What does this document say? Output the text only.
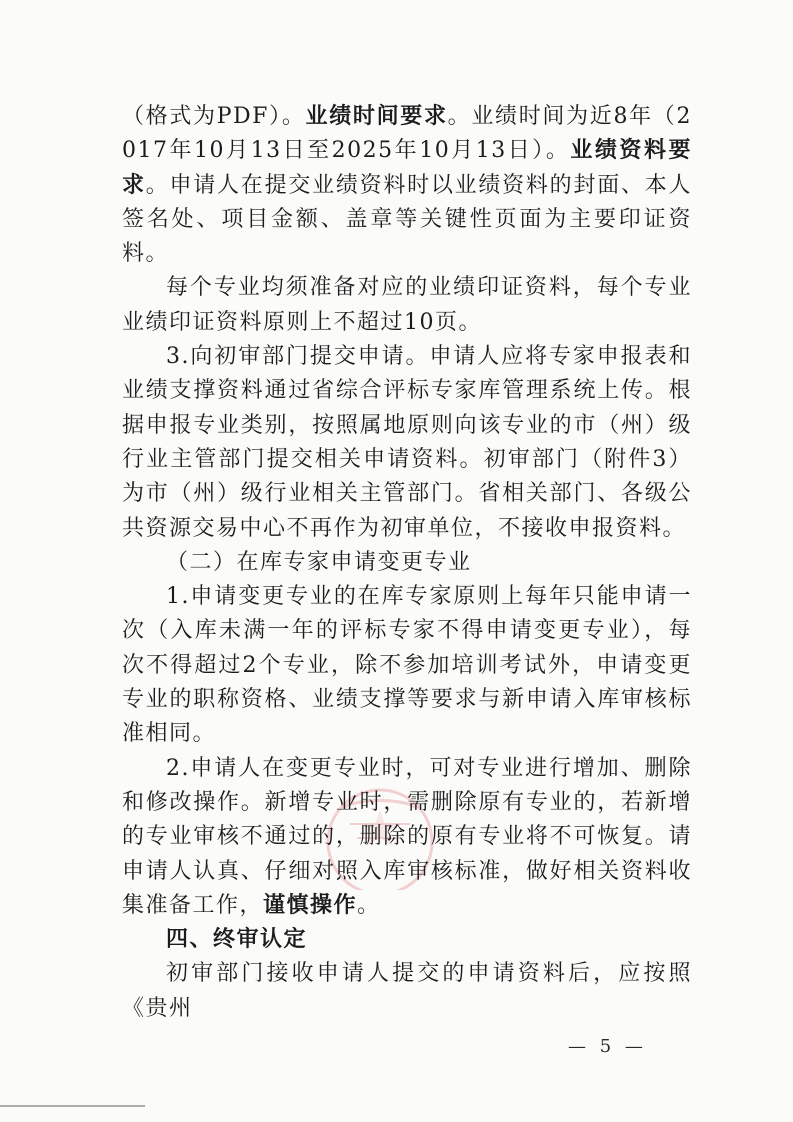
（格式为PDF）。业绩时间要求。业绩时间为近8年（2017年10月13日至2025年10月13日）。业绩资料要求。申请人在提交业绩资料时以业绩资料的封面、本人签名处、项目金额、盖章等关键性页面为主要印证资料。

每个专业均须准备对应的业绩印证资料，每个专业业绩印证资料原则上不超过10页。

3.向初审部门提交申请。申请人应将专家申报表和业绩支撑资料通过省综合评标专家库管理系统上传。根据申报专业类别，按照属地原则向该专业的市（州）级行业主管部门提交相关申请资料。初审部门（附件3）为市（州）级行业相关主管部门。省相关部门、各级公共资源交易中心不再作为初审单位，不接收申报资料。

（二）在库专家申请变更专业

1.申请变更专业的在库专家原则上每年只能申请一次（入库未满一年的评标专家不得申请变更专业），每次不得超过2个专业，除不参加培训考试外，申请变更专业的职称资格、业绩支撑等要求与新申请入库审核标准相同。

2.申请人在变更专业时，可对专业进行增加、删除和修改操作。新增专业时，需删除原有专业的，若新增的专业审核不通过的，删除的原有专业将不可恢复。请申请人认真、仔细对照入库审核标准，做好相关资料收集准备工作，谨慎操作。

四、终审认定

初审部门接收申请人提交的申请资料后，应按照《贵州

— 5 —
